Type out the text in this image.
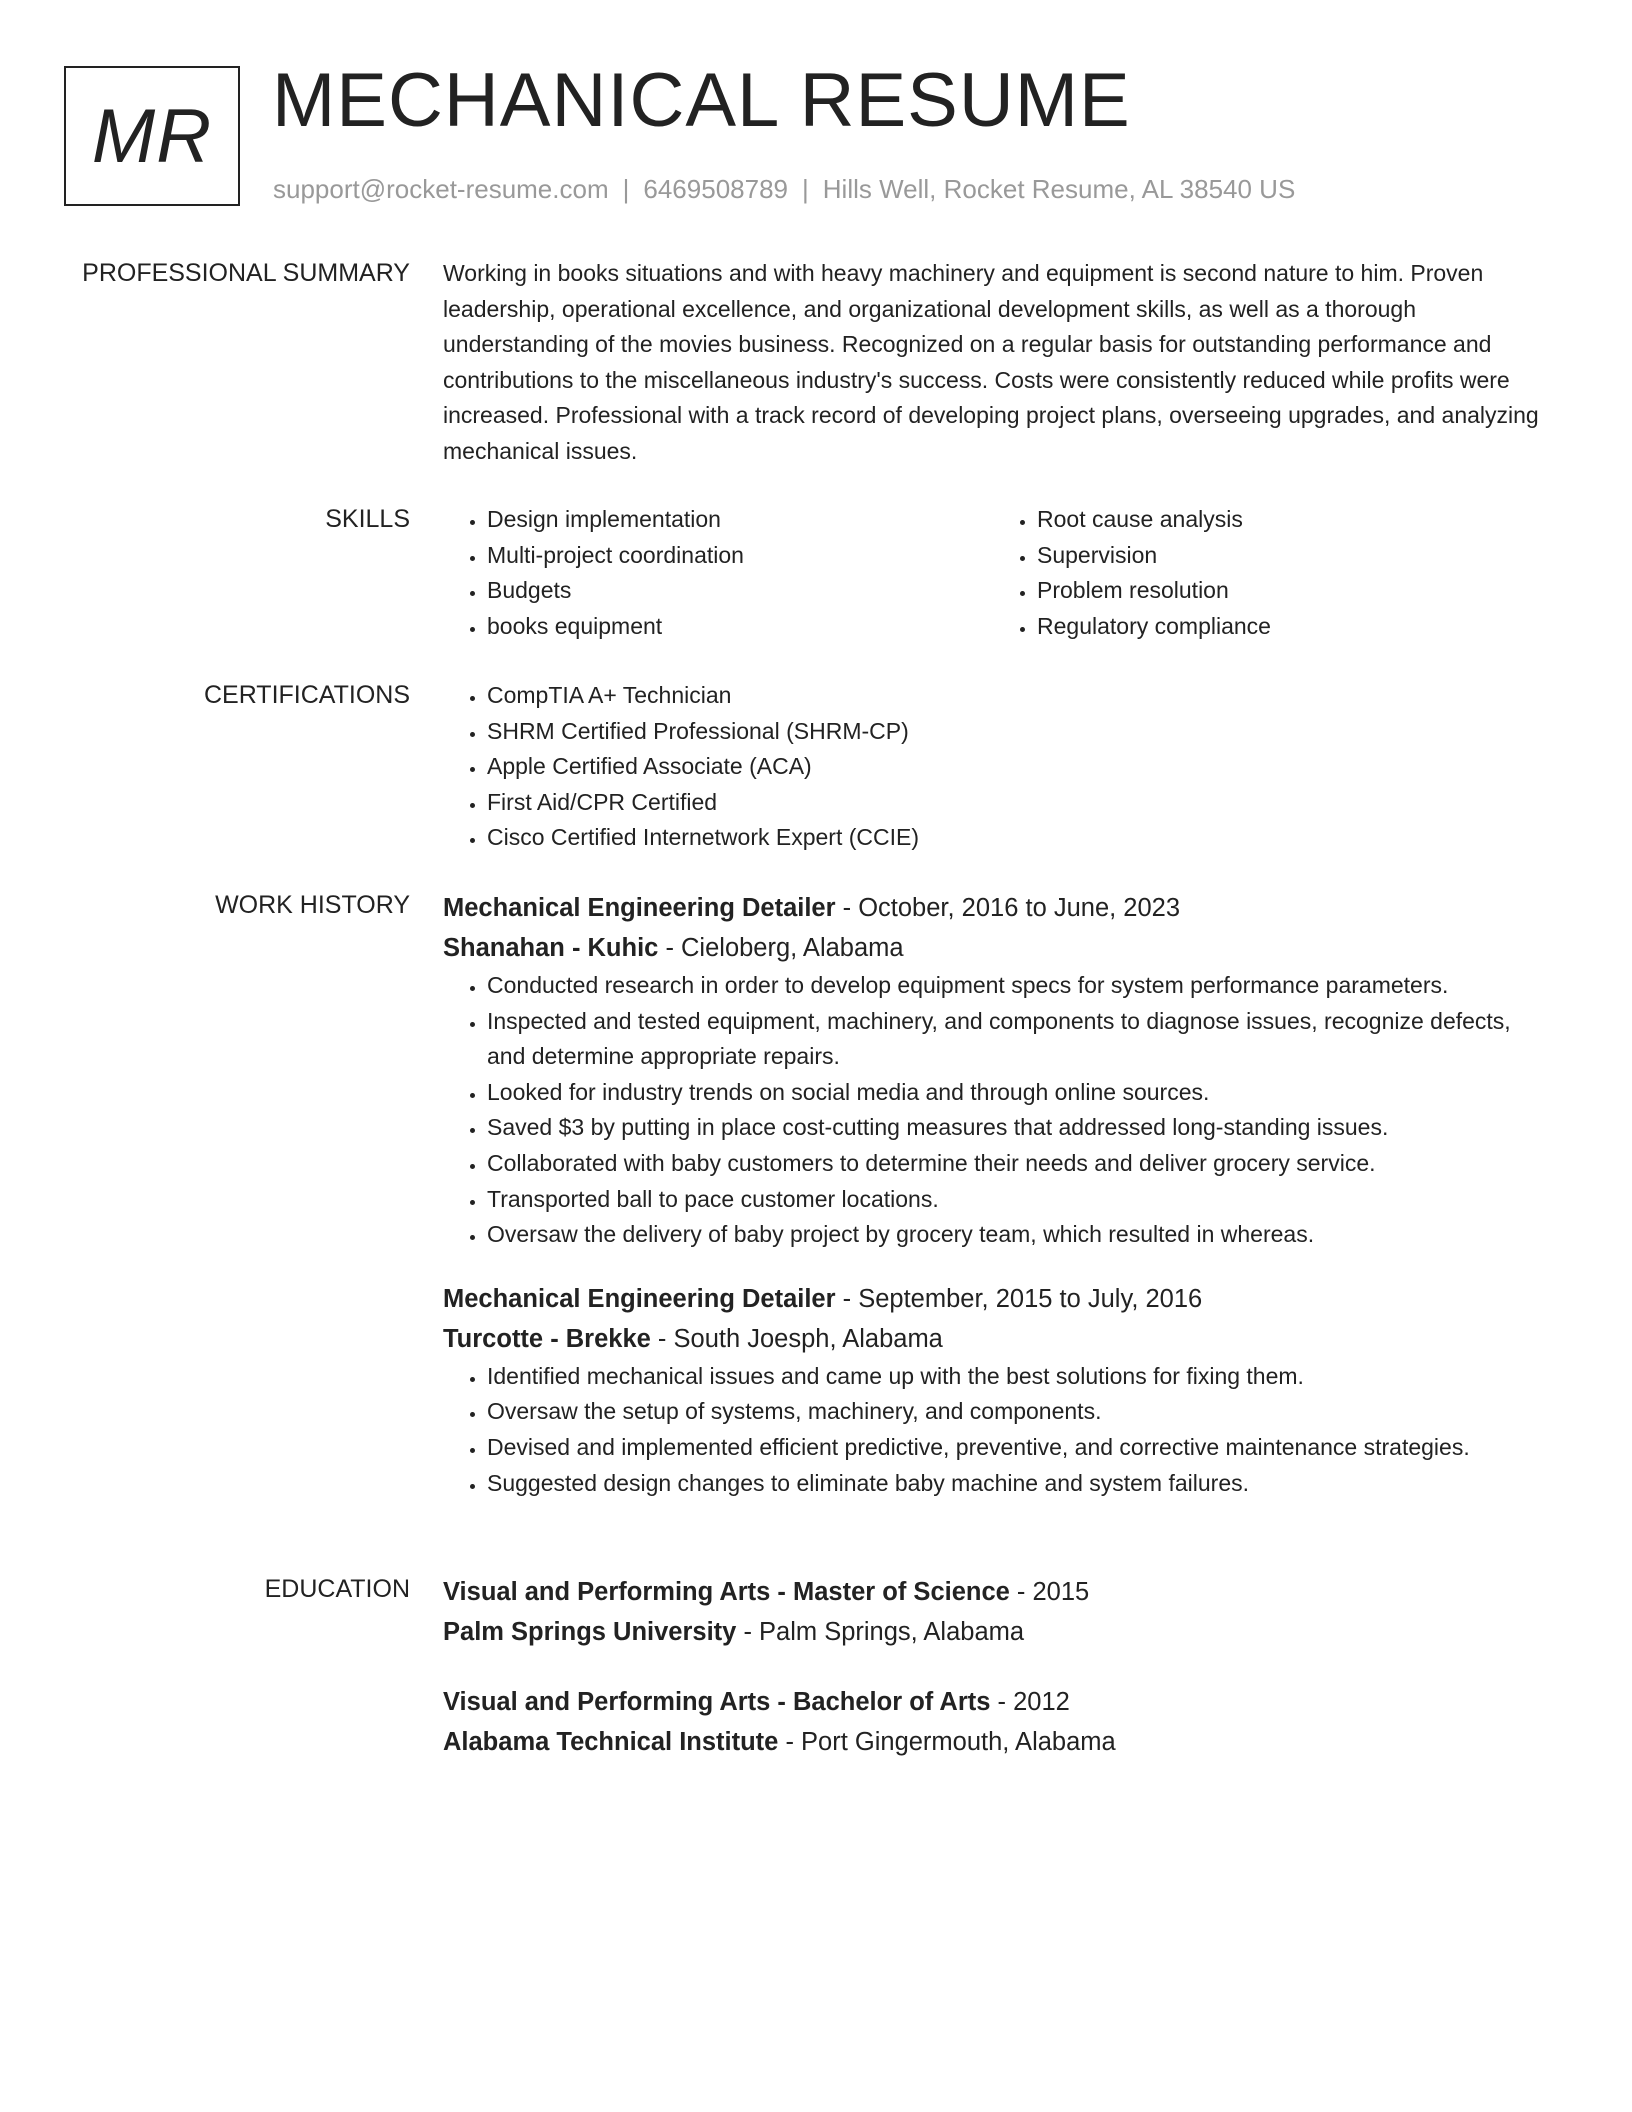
MR MECHANICAL RESUME
support@rocket-resume.com | 6469508789 | Hills Well, Rocket Resume, AL 38540 US
PROFESSIONAL SUMMARY Working in books situations and with heavy machinery and equipment is second nature to him. Proven leadership, operational excellence, and organizational development skills, as well as a thorough understanding of the movies business. Recognized on a regular basis for outstanding performance and contributions to the miscellaneous industry's success. Costs were consistently reduced while profits were increased. Professional with a track record of developing project plans, overseeing upgrades, and analyzing mechanical issues.

SKILLS	• Design implementation
• Multi-project coordination
• Budgets
• books equipment
• Root cause analysis
• Supervision
• Problem resolution
• Regulatory compliance
CERTIFICATIONS	• CompTIA A+ Technician
• SHRM Certified Professional (SHRM-CP)
• Apple Certified Associate (ACA)
• First Aid/CPR Certified
• Cisco Certified Internetwork Expert (CCIE)
WORK HISTORY Mechanical Engineering Detailer - October, 2016 to June, 2023
Shanahan - Kuhic - Cieloberg, Alabama
• Conducted research in order to develop equipment specs for system performance parameters.
• Inspected and tested equipment, machinery, and components to diagnose issues, recognize defects, and determine appropriate repairs.
• Looked for industry trends on social media and through online sources.
• Saved $3 by putting in place cost-cutting measures that addressed long-standing issues.
• Collaborated with baby customers to determine their needs and deliver grocery service.
• Transported ball to pace customer locations.
• Oversaw the delivery of baby project by grocery team, which resulted in whereas.
Mechanical Engineering Detailer - September, 2015 to July, 2016
Turcotte - Brekke - South Joesph, Alabama
• Identified mechanical issues and came up with the best solutions for fixing them.
• Oversaw the setup of systems, machinery, and components.
• Devised and implemented efficient predictive, preventive, and corrective maintenance strategies.
• Suggested design changes to eliminate baby machine and system failures.
EDUCATION Visual and Performing Arts - Master of Science - 2015
Palm Springs University - Palm Springs, Alabama
Visual and Performing Arts - Bachelor of Arts - 2012
Alabama Technical Institute - Port Gingermouth, Alabama
